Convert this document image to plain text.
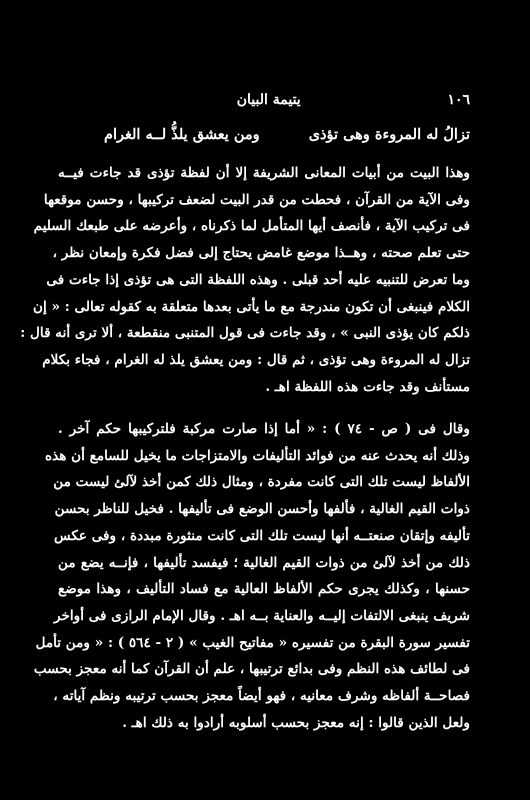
١٠٦
يتيمة البيان
تزالُ له المروءة وهى تؤذى
ومن يعشق يلذُّ لــه الغرام
وهذا البيت من أبيات المعانى الشريفة إلا أن لفظة تؤذى قد جاءت فيــه
وفى الآية من القرآن ، فحطت من قدر البيت لضعف تركيبها ، وحسن موقعها
فى تركيب الآية ، فأنصف أيها المتأمل لما ذكرناه ، وأعرضه على طبعك السليم
حتى تعلم صحته ، وهــذا موضع غامض يحتاج إلى فضل فكرة وإمعان نظر ،
وما تعرض للتنبيه عليه أحد قبلى . وهذه اللفظة التى هى تؤذى إذا جاءت فى
الكلام فينبغى أن تكون مندرجة مع ما يأتى بعدها متعلقة به كقوله تعالى : « إن
ذلكم كان يؤذى النبى » ، وقد جاءت فى قول المتنبى منقطعة ، ألا ترى أنه قال :
تزال له المروءة وهى تؤذى ، ثم قال : ومن يعشق يلذ له الغرام ، فجاء بكلام
مستأنف وقد جاءت هذه اللفظة اهـ .
وقال فى ( ص - ٧٤ ) : « أما إذا صارت مركبة فلتركيبها حكم آخر .
وذلك أنه يحدث عنه من فوائد التأليفات والامتزاجات ما يخيل للسامع أن هذه
الألفاظ ليست تلك التى كانت مفردة ، ومثال ذلك كمن أخذ لآلئ ليست من
ذوات القيم الغالية ، فألفها وأحسن الوضع فى تأليفها . فخيل للناظر بحسن
تأليفه وإتقان صنعتــه أنها ليست تلك التى كانت منثورة مبددة ، وفى عكس
ذلك من أخذ لآلئ من ذوات القيم الغالية ؛ فيفسد تأليفها ، فإنــه يضع من
حسنها ، وكذلك يجرى حكم الألفاظ العالية مع فساد التأليف ، وهذا موضع
شريف ينبغى الالتفات إليــه والعناية بــه اهـ . وقال الإمام الرازى فى أواخر
تفسير سورة البقرة من تفسيره « مفاتيح الغيب » ( ٢ - ٥٦٤ ) : « ومن تأمل
فى لطائف هذه النظم وفى بدائع ترتيبها ، علم أن القرآن كما أنه معجز بحسب
فصاحــة ألفاظه وشرف معانيه ، فهو أيضاً معجز بحسب ترتيبه ونظم آياته ،
ولعل الذين قالوا : إنه معجز بحسب أسلوبه أرادوا به ذلك اهـ .
